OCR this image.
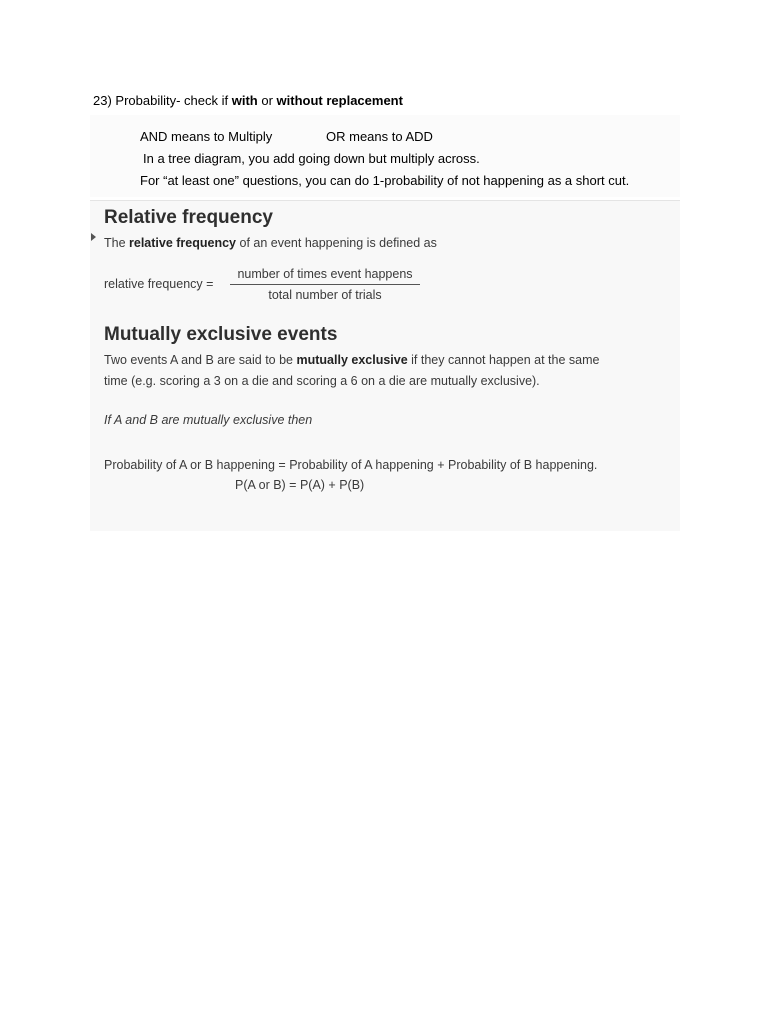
23) Probability- check if with or without replacement
AND means to Multiply	OR means to ADD
In a tree diagram, you add going down but multiply across.
For “at least one” questions, you can do 1-probability of not happening as a short cut.
Relative frequency
The relative frequency of an event happening is defined as
relative frequency =
number of times event happens
total number of trials
Mutually exclusive events
Two events A and B are said to be mutually exclusive if they cannot happen at the same
time (e.g. scoring a 3 on a die and scoring a 6 on a die are mutually exclusive).
If A and B are mutually exclusive then
Probability of A or B happening = Probability of A happening + Probability of B happening.
P(A or B) = P(A) + P(B)
